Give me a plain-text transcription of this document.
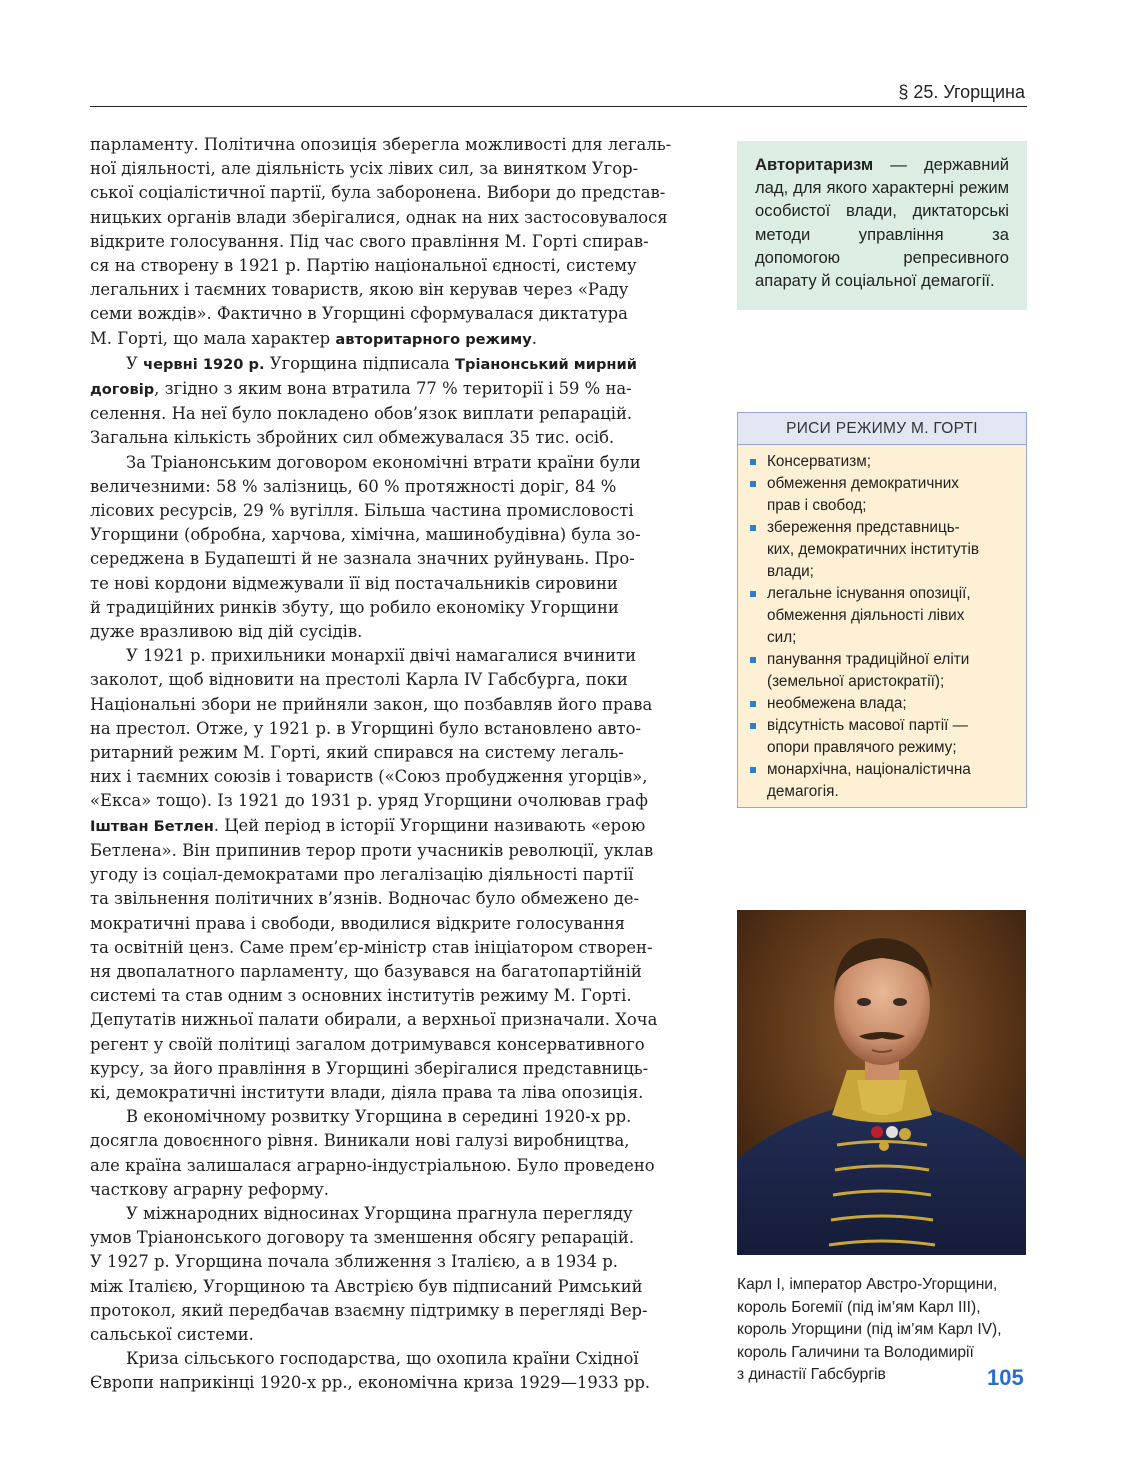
§ 25. Угорщина

парламенту. Політична опозиція зберегла можливості для легаль-
ної діяльності, але діяльність усіх лівих сил, за винятком Угор-
ської соціалістичної партії, була заборонена. Вибори до представ-
ницьких органів влади зберігалися, однак на них застосовувалося
відкрите голосування. Під час свого правління М. Горті спирав-
ся на створену в 1921 р. Партію національної єдності, систему
легальних і таємних товариств, якою він керував через «Раду
семи вождів». Фактично в Угорщині сформувалася диктатура
М. Горті, що мала характер авторитарного режиму.

У червні 1920 р. Угорщина підписала Тріанонський мирний
договір, згідно з яким вона втратила 77 % території і 59 % на-
селення. На неї було покладено обов’язок виплати репарацій.
Загальна кількість збройних сил обмежувалася 35 тис. осіб.

За Тріанонським договором економічні втрати країни були
величезними: 58 % залізниць, 60 % протяжності доріг, 84 %
лісових ресурсів, 29 % вугілля. Більша частина промисловості
Угорщини (обробна, харчова, хімічна, машинобудівна) була зо-
середжена в Будапешті й не зазнала значних руйнувань. Про-
те нові кордони відмежували її від постачальників сировини
й традиційних ринків збуту, що робило економіку Угорщини
дуже вразливою від дій сусідів.

У 1921 р. прихильники монархії двічі намагалися вчинити
заколот, щоб відновити на престолі Карла IV Габсбурга, поки
Національні збори не прийняли закон, що позбавляв його права
на престол. Отже, у 1921 р. в Угорщині було встановлено авто-
ритарний режим М. Горті, який спирався на систему легаль-
них і таємних союзів і товариств («Союз пробудження угорців»,
«Екса» тощо). Із 1921 до 1931 р. уряд Угорщини очолював граф
Іштван Бетлен. Цей період в історії Угорщини називають «ерою
Бетлена». Він припинив терор проти учасників революції, уклав
угоду із соціал-демократами про легалізацію діяльності партії
та звільнення політичних в’язнів. Водночас було обмежено де-
мократичні права і свободи, вводилися відкрите голосування
та освітній ценз. Саме прем’єр-міністр став ініціатором створен-
ня двопалатного парламенту, що базувався на багатопартійній
системі та став одним з основних інститутів режиму М. Горті.
Депутатів нижньої палати обирали, а верхньої призначали. Хоча
регент у своїй політиці загалом дотримувався консервативного
курсу, за його правління в Угорщині зберігалися представниць-
кі, демократичні інститути влади, діяла права та ліва опозиція.

В економічному розвитку Угорщина в середині 1920-х рр.
досягла довоєнного рівня. Виникали нові галузі виробництва,
але країна залишалася аграрно-індустріальною. Було проведено
часткову аграрну реформу.

У міжнародних відносинах Угорщина прагнула перегляду
умов Тріанонського договору та зменшення обсягу репарацій.
У 1927 р. Угорщина почала зближення з Італією, а в 1934 р.
між Італією, Угорщиною та Австрією був підписаний Римський
протокол, який передбачав взаємну підтримку в перегляді Вер-
сальської системи.

Криза сільського господарства, що охопила країни Східної
Європи наприкінці 1920-х рр., економічна криза 1929—1933 рр.

Авторитаризм — державний лад, для якого характерні режим особистої влади, диктаторські методи управління за допомогою репресивного апарату й соціальної демагогії.
РИСИ РЕЖИМУ М. ГОРТІ
Консерватизм;
обмеження демократичних
прав і свобод;
збереження представниць-
ких, демократичних інститутів
влади;
легальне існування опозиції,
обмеження діяльності лівих
сил;
панування традиційної еліти
(земельної аристократії);
необмежена влада;
відсутність масової партії —
опори правлячого режиму;
монархічна, націоналістична
демагогія.
Карл I, імператор Австро-Угорщини,
король Богемії (під ім’ям Карл III),
король Угорщини (під ім’ям Карл IV),
король Галичини та Володимирії
з династії Габсбургів	105
